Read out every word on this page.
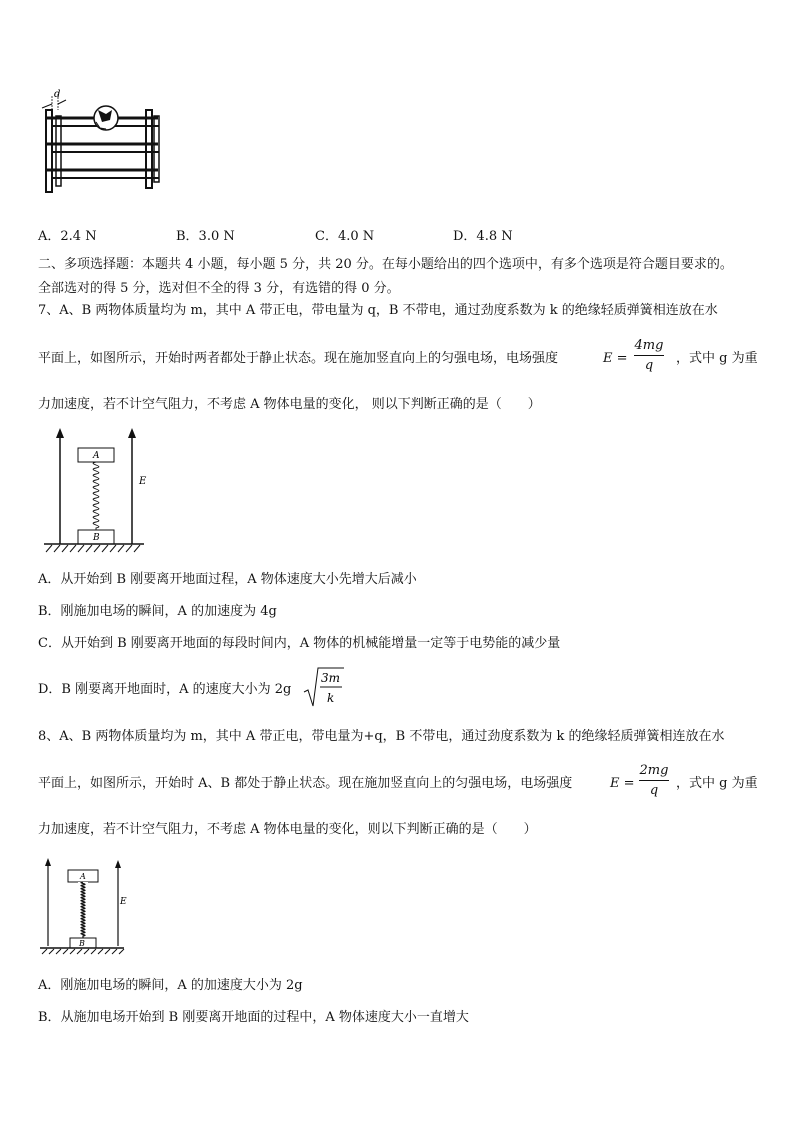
d
A．2.4 N	B．3.0 N	C．4.0 N	D．4.8 N
二、多项选择题：本题共 4 小题，每小题 5 分，共 20 分。在每小题给出的四个选项中，有多个选项是符合题目要求的。
全部选对的得 5 分，选对但不全的得 3 分，有选错的得 0 分。
7、A、B 两物体质量均为 m，其中 A 带正电，带电量为 q，B 不带电，通过劲度系数为 k 的绝缘轻质弹簧相连放在水
平面上，如图所示，开始时两者都处于静止状态。现在施加竖直向上的匀强电场，电场强度	E =
4mg
q	，式中 g 为重
力加速度，若不计空气阻力，不考虑 A 物体电量的变化， 则以下判断正确的是（　　）
E
A
B
A．从开始到 B 刚要离开地面过程，A 物体速度大小先增大后减小
B．刚施加电场的瞬间，A 的加速度为 4g
C．从开始到 B 刚要离开地面的每段时间内，A 物体的机械能增量一定等于电势能的减少量
D．B 刚要离开地面时，A 的速度大小为 2g
3m
k
8、A、B 两物体质量均为 m，其中 A 带正电，带电量为+q，B 不带电，通过劲度系数为 k 的绝缘轻质弹簧相连放在水
平面上，如图所示，开始时 A、B 都处于静止状态。现在施加竖直向上的匀强电场，电场强度	E =
2mg
q	，式中 g 为重
力加速度，若不计空气阻力，不考虑 A 物体电量的变化，则以下判断正确的是（　　）
E
A
B
A．刚施加电场的瞬间，A 的加速度大小为 2g
B．从施加电场开始到 B 刚要离开地面的过程中，A 物体速度大小一直增大
